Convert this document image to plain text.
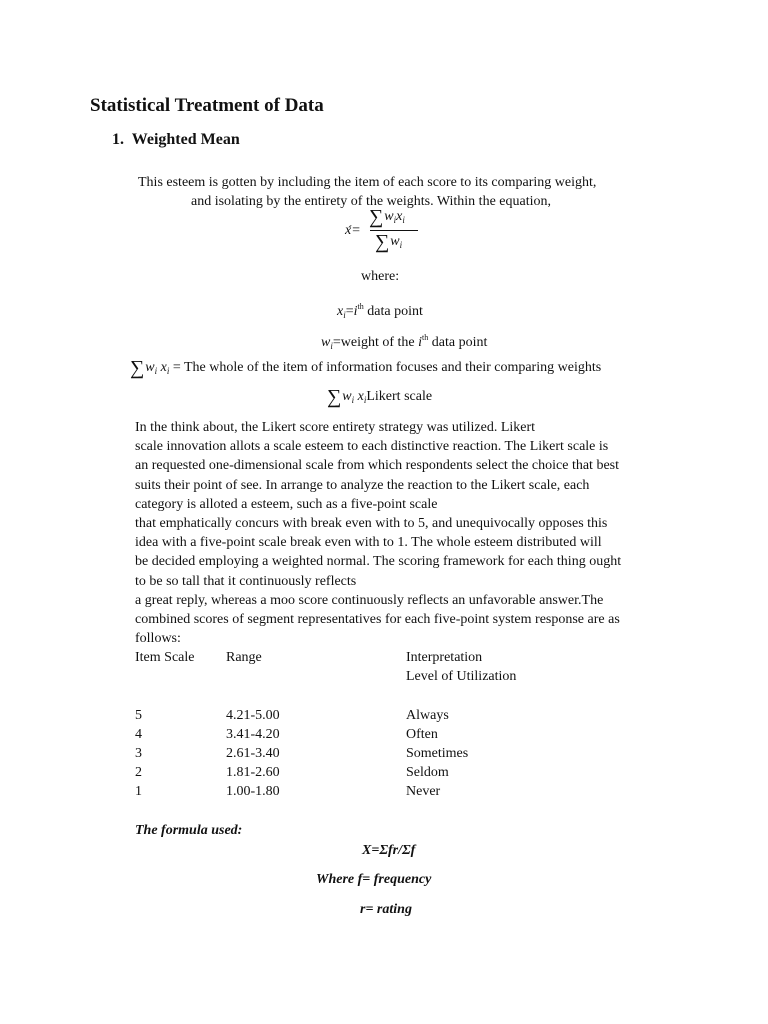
Statistical Treatment of Data
1. Weighted Mean
This esteem is gotten by including the item of each score to its comparing weight,
and isolating by the entirety of the weights. Within the equation,
x́=
$\sum w_ix_i$
$\sum w_i$
where:
$x_i=i^{th}$ data point
$w_i=weight$ of the $i^{th}$ data point
$\sum w_i$ $x_i$ = The whole of the item of information focuses and their comparing weights
$\sum w_i$ $x_iLikert$ scale
In the think about, the Likert score entirety strategy was utilized. Likert
scale innovation allots a scale esteem to each distinctive reaction. The Likert scale is
an requested one-dimensional scale from which respondents select the choice that best
suits their point of see. In arrange to analyze the reaction to the Likert scale, each
category is alloted a esteem, such as a five-point scale
that emphatically concurs with break even with to 5, and unequivocally opposes this
idea with a five-point scale break even with to 1. The whole esteem distributed will
be decided employing a weighted normal. The scoring framework for each thing ought
to be so tall that it continuously reflects
a great reply, whereas a moo score continuously reflects an unfavorable answer.The
combined scores of segment representatives for each five-point system response are as
follows:
Item Scale	Range	Interpretation
		Level of Utilization

5	4.21-5.00	Always
4	3.41-4.20	Often
3	2.61-3.40	Sometimes
2	1.81-2.60	Seldom
1	1.00-1.80	Never
The formula used:
X=Σfr/Σf
Where f= frequency
r= rating
